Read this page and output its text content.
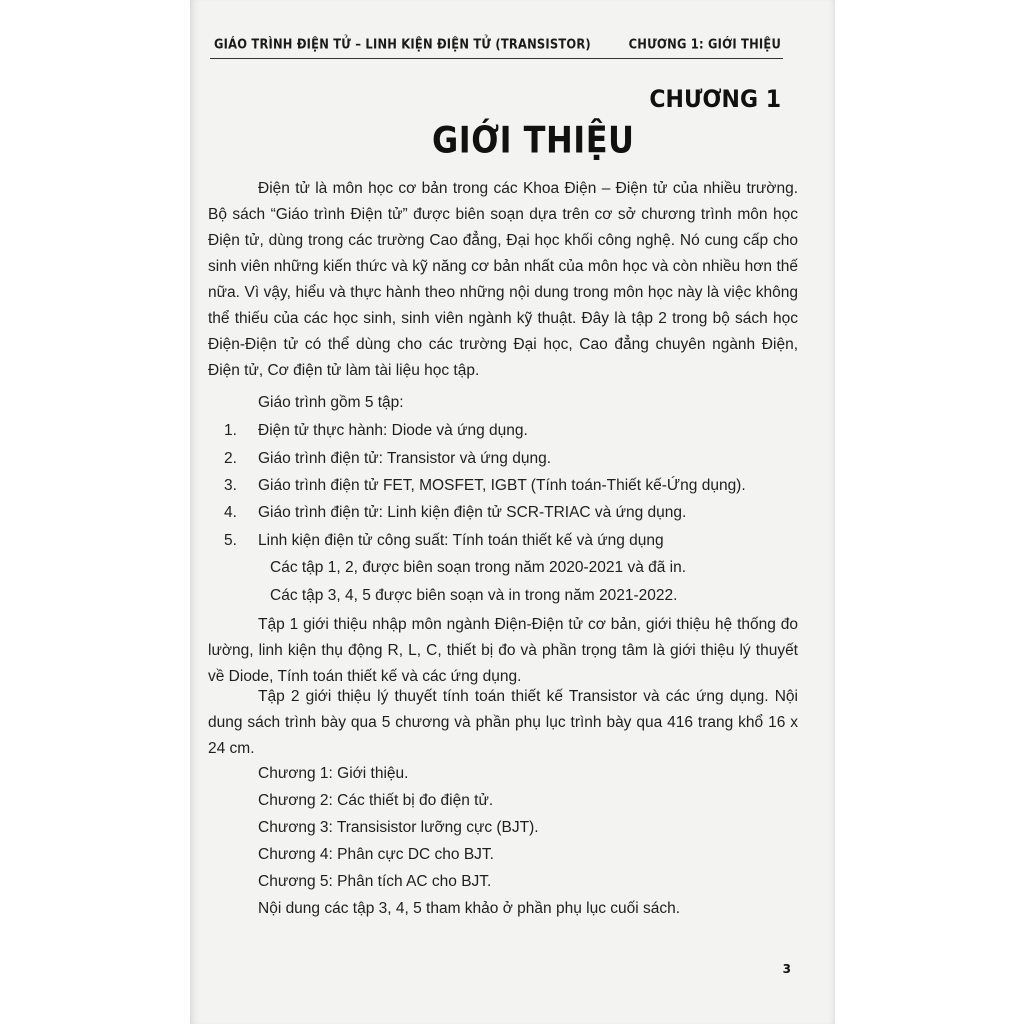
GIÁO TRÌNH ĐIỆN TỬ – LINH KIỆN ĐIỆN TỬ (TRANSISTOR)	CHƯƠNG 1: GIỚI THIỆU
CHƯƠNG 1
GIỚI THIỆU
Điện tử là môn học cơ bản trong các Khoa Điện – Điện tử của nhiều trường. Bộ sách “Giáo trình Điện tử” được biên soạn dựa trên cơ sở chương trình môn học Điện tử, dùng trong các trường Cao đẳng, Đại học khối công nghệ. Nó cung cấp cho sinh viên những kiến thức và kỹ năng cơ bản nhất của môn học và còn nhiều hơn thế nữa. Vì vậy, hiểu và thực hành theo những nội dung trong môn học này là việc không thể thiếu của các học sinh, sinh viên ngành kỹ thuật. Đây là tập 2 trong bộ sách học Điện-Điện tử có thể dùng cho các trường Đại học, Cao đẳng chuyên ngành Điện, Điện tử, Cơ điện tử làm tài liệu học tập.
Giáo trình gồm 5 tập:
1. Điện tử thực hành: Diode và ứng dụng.
2. Giáo trình điện tử: Transistor và ứng dụng.
3. Giáo trình điện tử FET, MOSFET, IGBT (Tính toán-Thiết kế-Ứng dụng).
4. Giáo trình điện tử: Linh kiện điện tử SCR-TRIAC và ứng dụng.
5. Linh kiện điện tử công suất: Tính toán thiết kế và ứng dụng
Các tập 1, 2, được biên soạn trong năm 2020-2021 và đã in.
Các tập 3, 4, 5 được biên soạn và in trong năm 2021-2022.
Tập 1 giới thiệu nhập môn ngành Điện-Điện tử cơ bản, giới thiệu hệ thống đo lường, linh kiện thụ động R, L, C, thiết bị đo và phần trọng tâm là giới thiệu lý thuyết về Diode, Tính toán thiết kế và các ứng dụng.
Tập 2 giới thiệu lý thuyết tính toán thiết kế Transistor và các ứng dụng. Nội dung sách trình bày qua 5 chương và phần phụ lục trình bày qua 416 trang khổ 16 x 24 cm.
Chương 1: Giới thiệu.
Chương 2: Các thiết bị đo điện tử.
Chương 3: Transisistor lưỡng cực (BJT).
Chương 4: Phân cực DC cho BJT.
Chương 5: Phân tích AC cho BJT.
Nội dung các tập 3, 4, 5 tham khảo ở phần phụ lục cuối sách.
3
